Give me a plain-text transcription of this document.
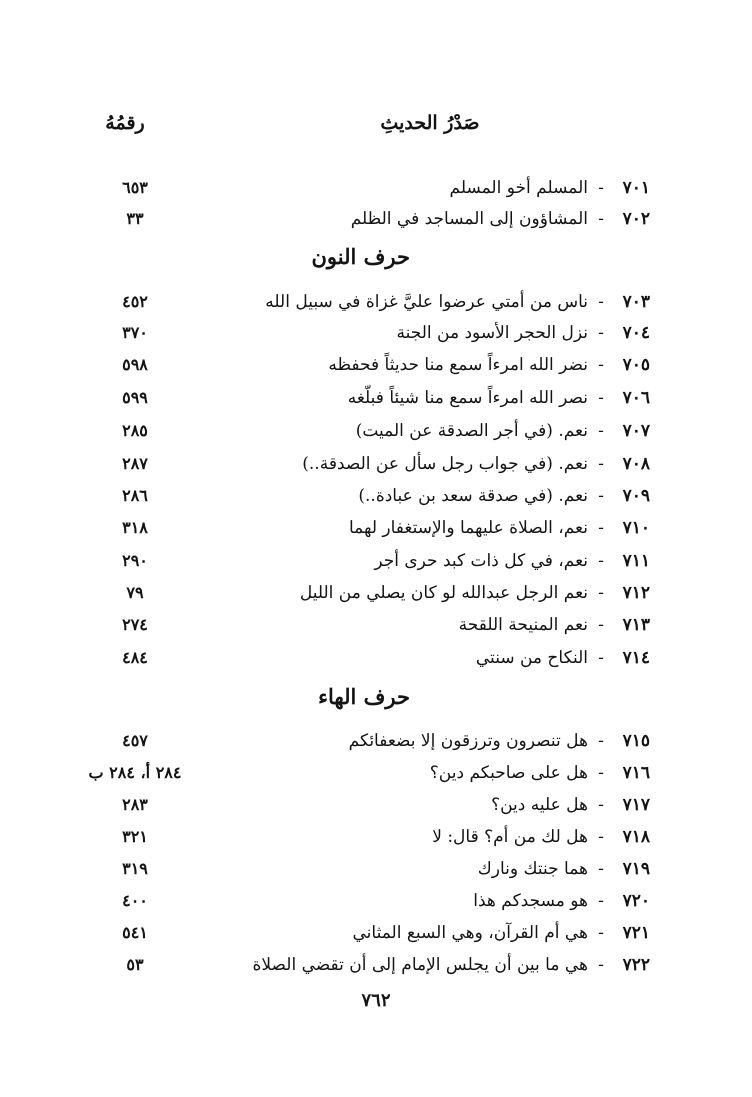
صَدْرُ الحديثِ
رقمُهُ
حرف النون
حرف الهاء
٧٠١-المسلم أخو المسلم
٦٥٣
٧٠٢-المشاؤون إلى المساجد في الظلم
٣٣
٧٠٣-ناس من أمتي عرضوا عليَّ غزاة في سبيل الله
٤٥٢
٧٠٤-نزل الحجر الأسود من الجنة
٣٧٠
٧٠٥-نضر الله امرءاً سمع منا حديثاً فحفظه
٥٩٨
٧٠٦-نصر الله امرءاً سمع منا شيئاً فبلّغه
٥٩٩
٧٠٧-نعم. (في أجر الصدقة عن الميت)
٢٨٥
٧٠٨-نعم. (في جواب رجل سأل عن الصدقة..)
٢٨٧
٧٠٩-نعم. (في صدقة سعد بن عبادة..)
٢٨٦
٧١٠-نعم، الصلاة عليهما والإستغفار لهما
٣١٨
٧١١-نعم، في كل ذات كبد حرى أجر
٢٩٠
٧١٢-نعم الرجل عبدالله لو كان يصلي من الليل
٧٩
٧١٣-نعم المنيحة اللقحة
٢٧٤
٧١٤-النكاح من سنتي
٤٨٤
٧١٥-هل تنصرون وترزقون إلا بضعفائكم
٤٥٧
٧١٦-هل على صاحبكم دين؟
٢٨٤ أ، ٢٨٤ ب
٧١٧-هل عليه دين؟
٢٨٣
٧١٨-هل لك من أم؟ قال: لا
٣٢١
٧١٩-هما جنتك ونارك
٣١٩
٧٢٠-هو مسجدكم هذا
٤٠٠
٧٢١-هي أم القرآن، وهي السبع المثاني
٥٤١
٧٢٢-هي ما بين أن يجلس الإمام إلى أن تقضي الصلاة
٥٣
٧٦٢
